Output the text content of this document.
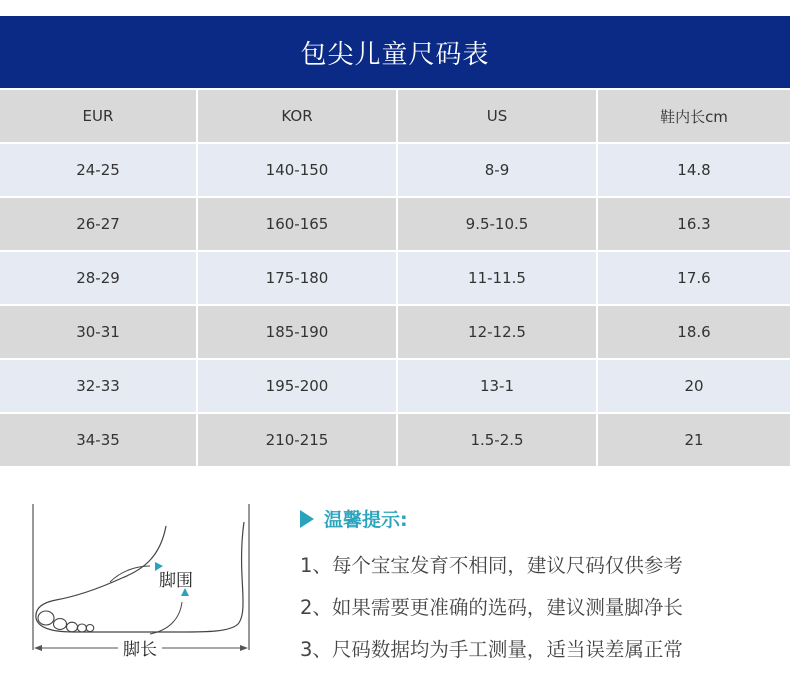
包尖儿童尺码表
EUR	KOR	US	鞋内长cm
24-25	140-150	8-9	14.8
26-27	160-165	9.5-10.5	16.3
28-29	175-180	11-11.5	17.6
30-31	185-190	12-12.5	18.6
32-33	195-200	13-1	20
34-35	210-215	1.5-2.5	21
脚围
脚长
温馨提示:
1、每个宝宝发育不相同，建议尺码仅供参考
2、如果需要更准确的选码，建议测量脚净长
3、尺码数据均为手工测量，适当误差属正常
